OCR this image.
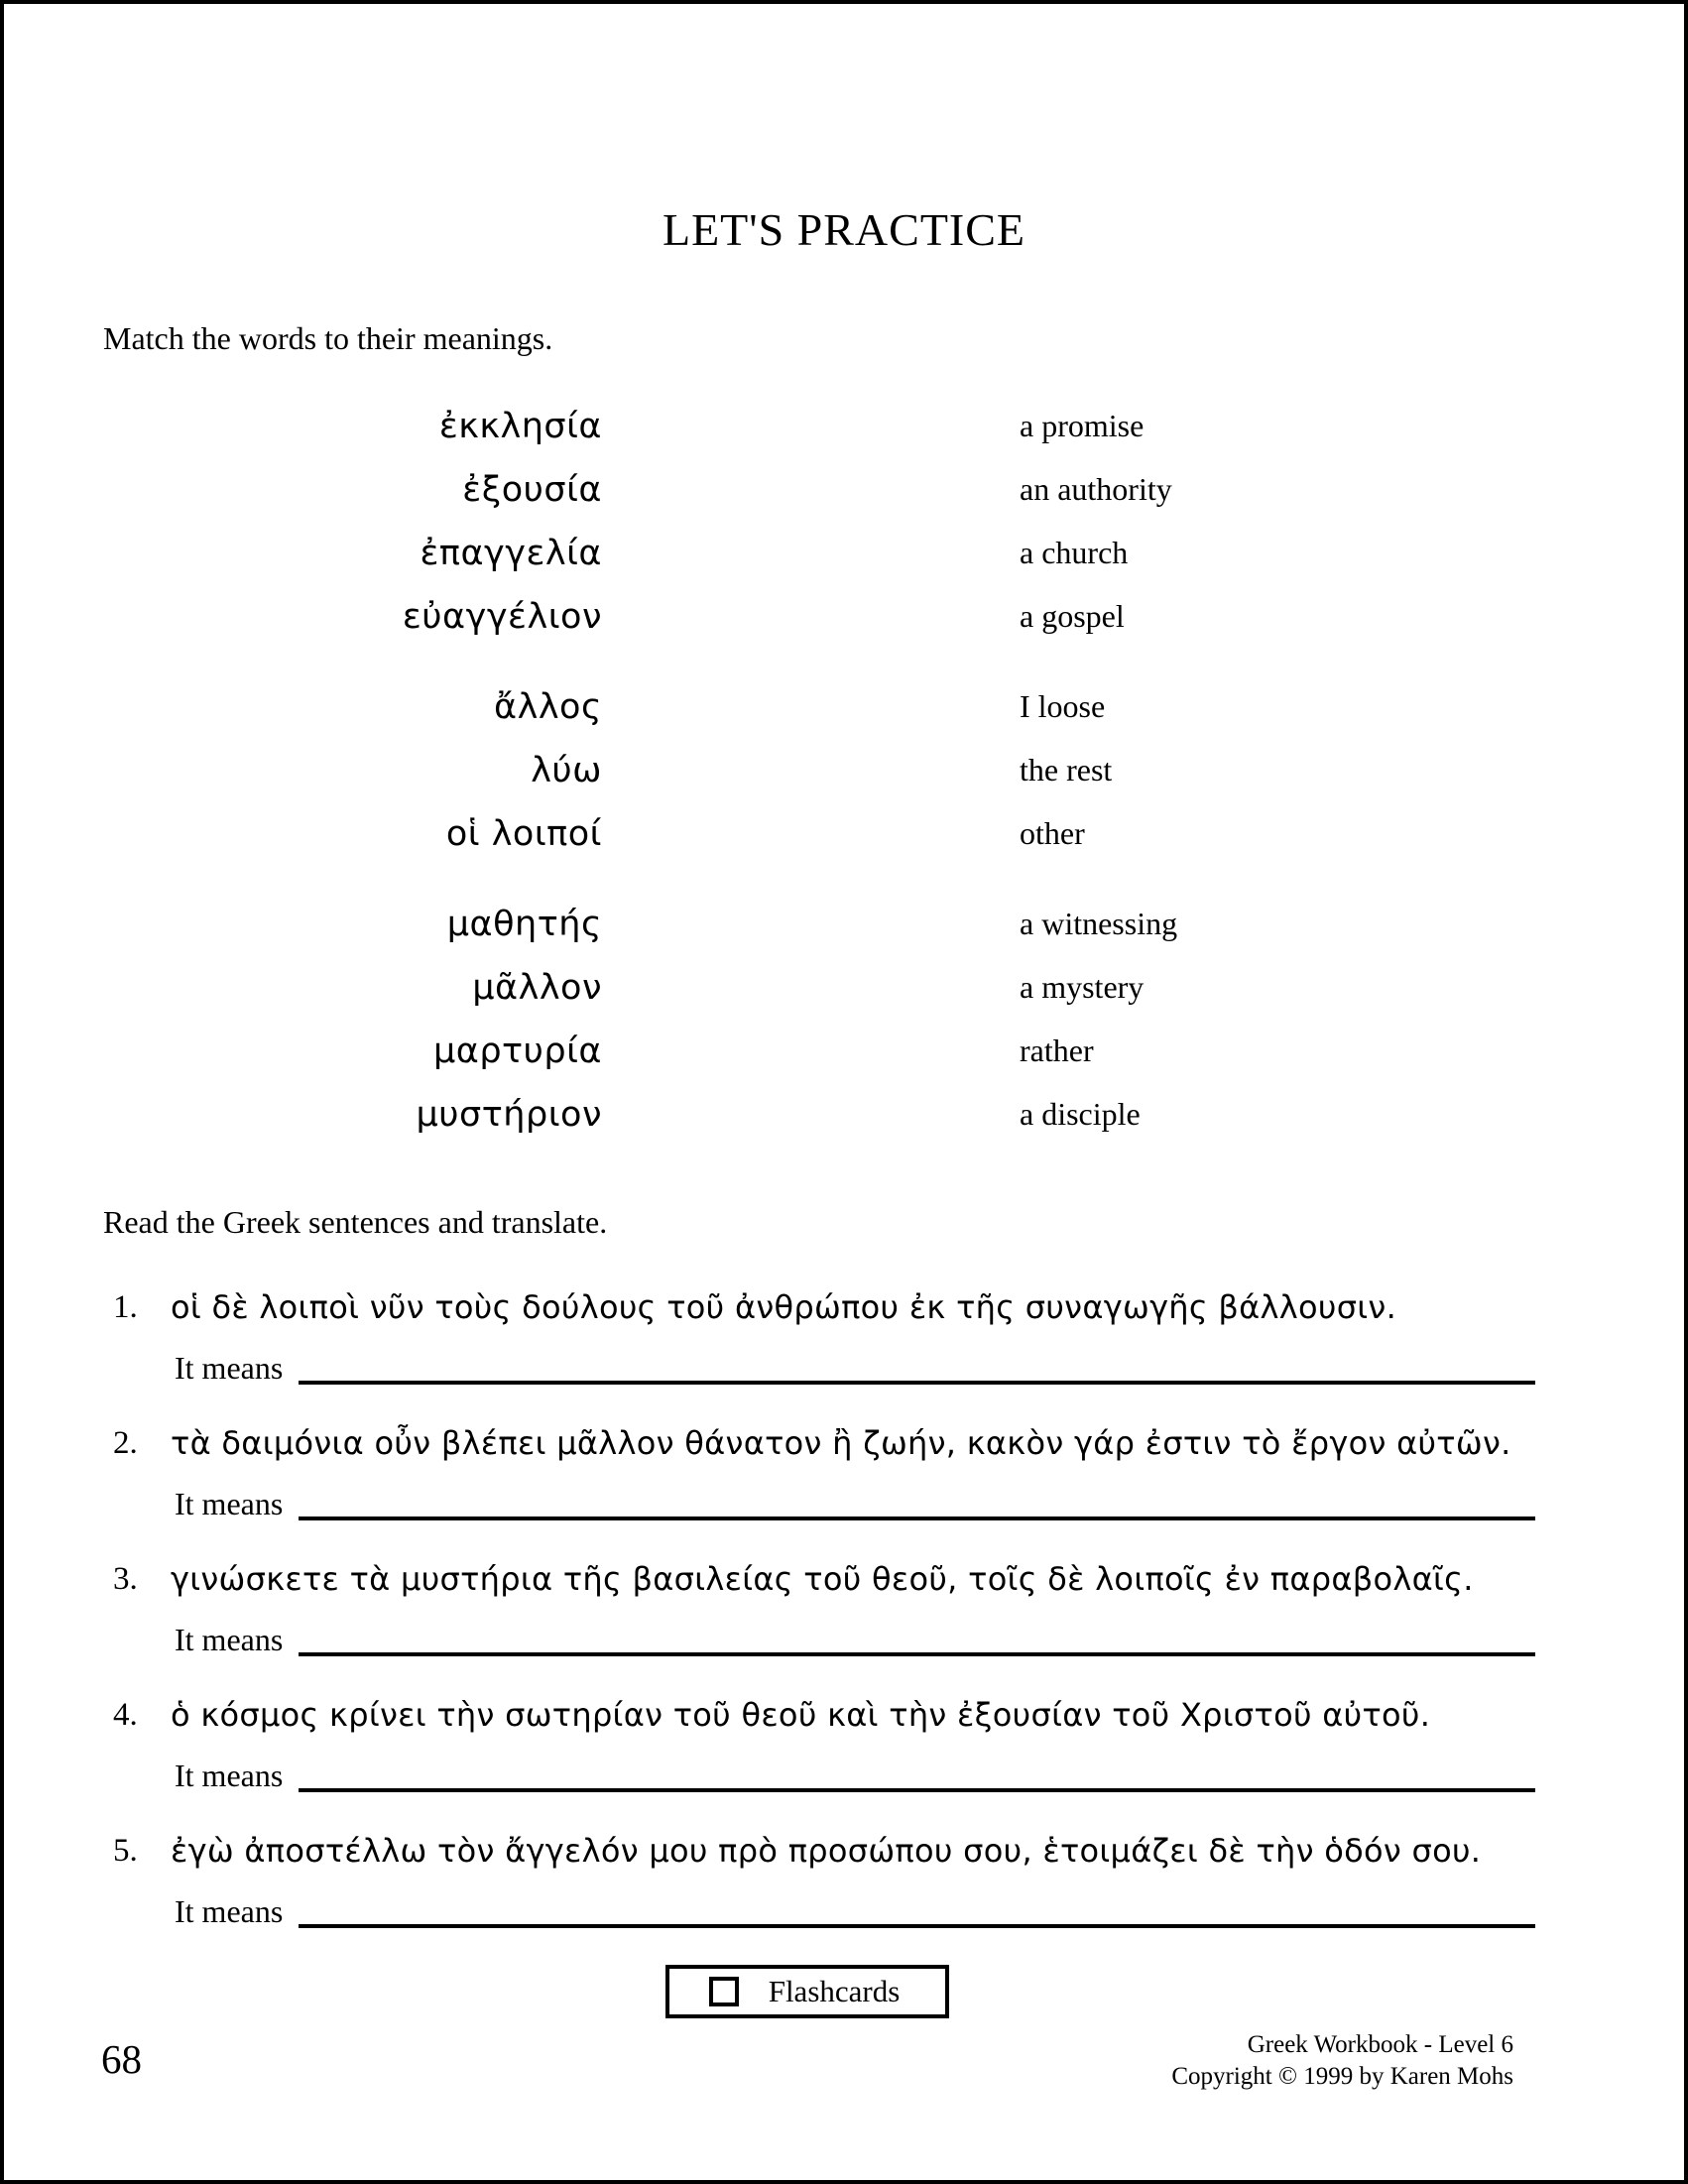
LET'S PRACTICE

Match the words to their meanings.

ἐκκλησία	a promise
ἐξουσία	an authority
ἐπαγγελία	a church
εὐαγγέλιον	a gospel
ἄλλος	I loose
λύω	the rest
οἱ λοιποί	other
μαθητής	a witnessing
μᾶλλον	a mystery
μαρτυρία	rather
μυστήριον	a disciple

Read the Greek sentences and translate.

1.	οἱ δὲ λοιποὶ νῦν τοὺς δούλους τοῦ ἀνθρώπου ἐκ τῆς συναγωγῆς βάλλουσιν.
It means
2.	τὰ δαιμόνια οὖν βλέπει μᾶλλον θάνατον ἢ ζωήν, κακὸν γάρ ἐστιν τὸ ἔργον αὐτῶν.
It means
3.	γινώσκετε τὰ μυστήρια τῆς βασιλείας τοῦ θεοῦ, τοῖς δὲ λοιποῖς ἐν παραβολαῖς.
It means
4.	ὁ κόσμος κρίνει τὴν σωτηρίαν τοῦ θεοῦ καὶ τὴν ἐξουσίαν τοῦ Χριστοῦ αὐτοῦ.
It means
5.	ἐγὼ ἀποστέλλω τὸν ἄγγελόν μου πρὸ προσώπου σου, ἑτοιμάζει δὲ τὴν ὁδόν σου.
It means
Flashcards
68	Greek Workbook - Level 6
Copyright © 1999 by Karen Mohs
